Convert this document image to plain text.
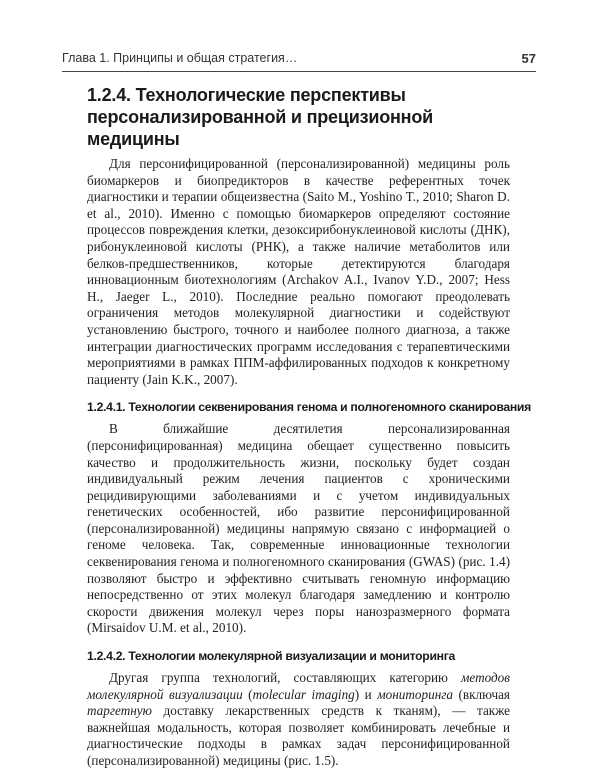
Глава 1. Принципы и общая стратегия…	57
1.2.4. Технологические перспективы персонализированной и прецизионной медицины

Для персонифицированной (персонализированной) медицины роль биомаркеров и биопредикторов в качестве референтных точек диагностики и терапии общеизвестна (Saito M., Yoshino T., 2010; Sharon D. et al., 2010). Именно с помощью биомаркеров определяют состояние процессов повреждения клетки, дезоксирибонуклеиновой кислоты (ДНК), рибонуклеиновой кислоты (РНК), а также наличие метаболитов или белков-предшественников, которые детектируются благодаря инновационным биотехнологиям (Archakov A.I., Ivanov Y.D., 2007; Hess H., Jaeger L., 2010). Последние реально помогают преодолевать ограничения методов молекулярной диагностики и содействуют установлению быстрого, точного и наиболее полного диагноза, а также интеграции диагностических программ исследования с терапевтическими мероприятиями в рамках ППМ-аффилированных подходов к конкретному пациенту (Jain K.K., 2007).

1.2.4.1. Технологии секвенирования генома и полногеномного сканирования

В ближайшие десятилетия персонализированная (персонифицированная) медицина обещает существенно повысить качество и продолжительность жизни, поскольку будет создан индивидуальный режим лечения пациентов с хроническими рецидивирующими заболеваниями и с учетом индивидуальных генетических особенностей, ибо развитие персонифицированной (персонализированной) медицины напрямую связано с информацией о геноме человека. Так, современные инновационные технологии секвенирования генома и полногеномного сканирования (GWAS) (рис. 1.4) позволяют быстро и эффективно считывать геномную информацию непосредственно от этих молекул благодаря замедлению и контролю скорости движения молекул через поры нанозразмерного формата (Mirsaidov U.M. et al., 2010).

1.2.4.2. Технологии молекулярной визуализации и мониторинга

Другая группа технологий, составляющих категорию методов молекулярной визуализации (molecular imaging) и мониторинга (включая таргетную доставку лекарственных средств к тканям), — также важнейшая модальность, которая позволяет комбинировать лечебные и диагностические подходы в рамках задач персонифицированной (персонализированной) медицины (рис. 1.5).
